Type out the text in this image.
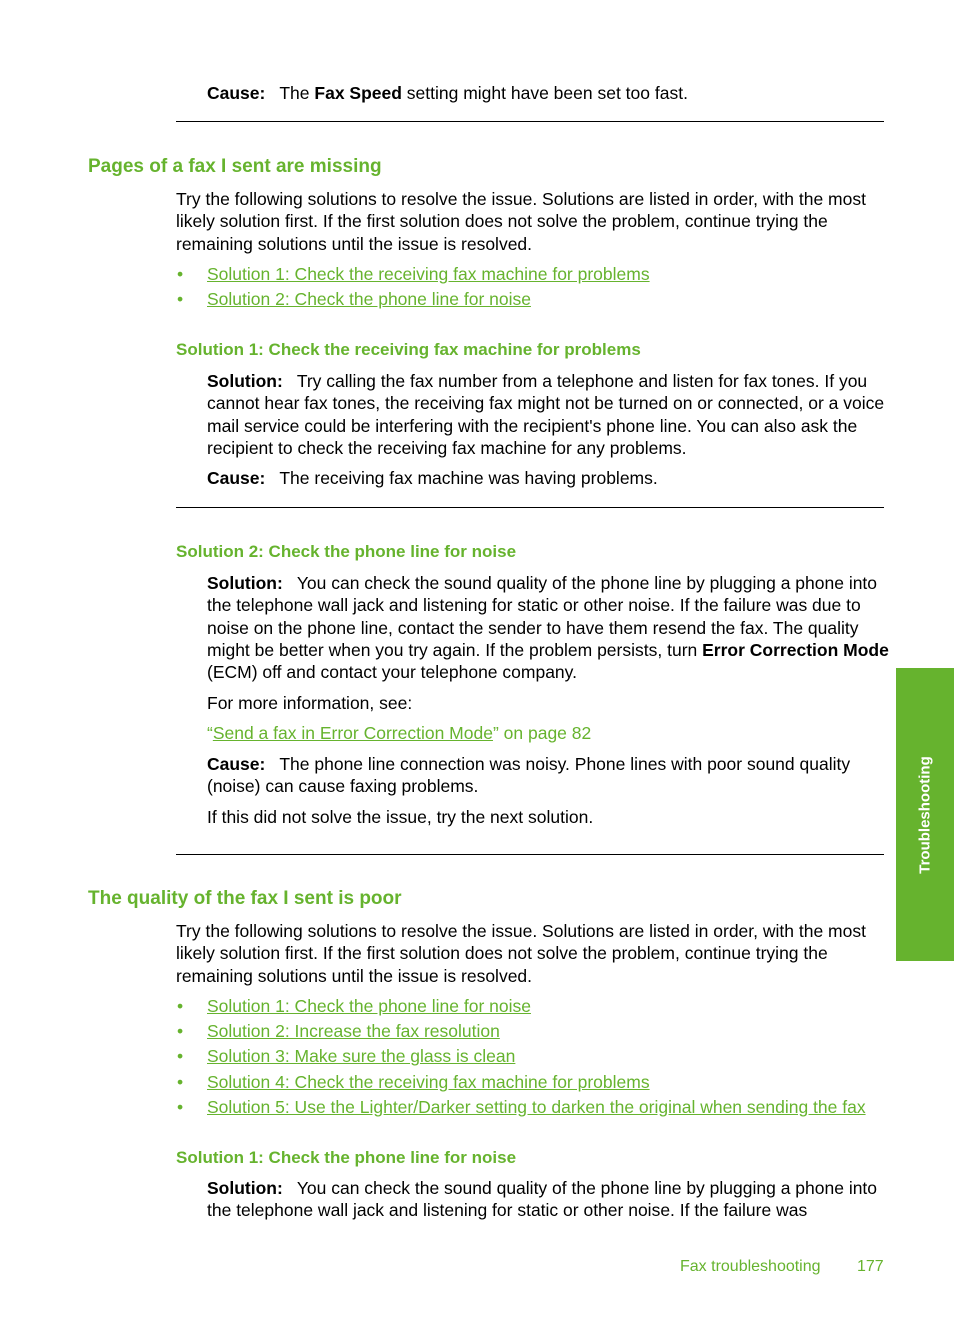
Cause: The Fax Speed setting might have been set too fast.

Pages of a fax I sent are missing

Try the following solutions to resolve the issue. Solutions are listed in order, with the most likely solution first. If the first solution does not solve the problem, continue trying the remaining solutions until the issue is resolved.

• Solution 1: Check the receiving fax machine for problems
• Solution 2: Check the phone line for noise
Solution 1: Check the receiving fax machine for problems

Solution: Try calling the fax number from a telephone and listen for fax tones. If you cannot hear fax tones, the receiving fax might not be turned on or connected, or a voice mail service could be interfering with the recipient's phone line. You can also ask the recipient to check the receiving fax machine for any problems.

Cause: The receiving fax machine was having problems.

Solution 2: Check the phone line for noise

Solution: You can check the sound quality of the phone line by plugging a phone into the telephone wall jack and listening for static or other noise. If the failure was due to noise on the phone line, contact the sender to have them resend the fax. The quality might be better when you try again. If the problem persists, turn Error Correction Mode (ECM) off and contact your telephone company.

For more information, see:

“Send a fax in Error Correction Mode” on page 82

Cause: The phone line connection was noisy. Phone lines with poor sound quality (noise) can cause faxing problems.

If this did not solve the issue, try the next solution.

The quality of the fax I sent is poor

Try the following solutions to resolve the issue. Solutions are listed in order, with the most likely solution first. If the first solution does not solve the problem, continue trying the remaining solutions until the issue is resolved.

• Solution 1: Check the phone line for noise
• Solution 2: Increase the fax resolution
• Solution 3: Make sure the glass is clean
• Solution 4: Check the receiving fax machine for problems
• Solution 5: Use the Lighter/Darker setting to darken the original when sending the fax
Solution 1: Check the phone line for noise

Solution: You can check the sound quality of the phone line by plugging a phone into the telephone wall jack and listening for static or other noise. If the failure was

Troubleshooting
Fax troubleshooting 177
